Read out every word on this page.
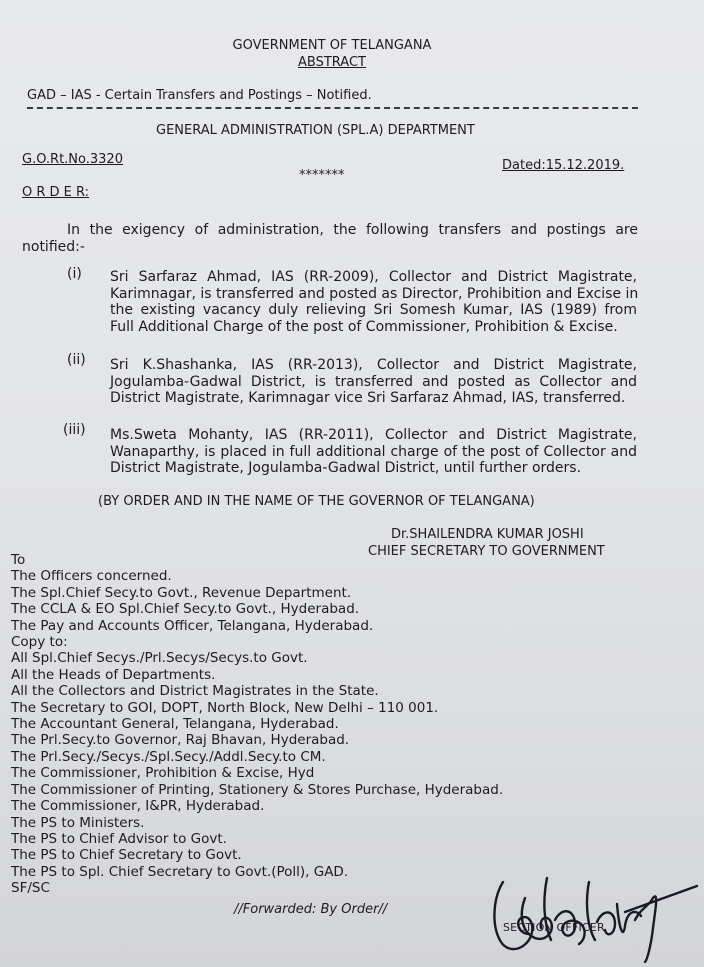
GOVERNMENT OF TELANGANA
ABSTRACT
GAD – IAS - Certain Transfers and Postings – Notified.
GENERAL ADMINISTRATION (SPL.A) DEPARTMENT
G.O.Rt.No.3320
*******
Dated:15.12.2019.
O R D E R:
In the exigency of administration, the following transfers and postings are
notified:-
(i) Sri Sarfaraz Ahmad, IAS (RR-2009), Collector and District Magistrate,
Karimnagar, is transferred and posted as Director, Prohibition and Excise in
the existing vacancy duly relieving Sri Somesh Kumar, IAS (1989) from
Full Additional Charge of the post of Commissioner, Prohibition & Excise.
(ii) Sri K.Shashanka, IAS (RR-2013), Collector and District Magistrate,
Jogulamba-Gadwal District, is transferred and posted as Collector and
District Magistrate, Karimnagar vice Sri Sarfaraz Ahmad, IAS, transferred.
(iii) Ms.Sweta Mohanty, IAS (RR-2011), Collector and District Magistrate,
Wanaparthy, is placed in full additional charge of the post of Collector and
District Magistrate, Jogulamba-Gadwal District, until further orders.
(BY ORDER AND IN THE NAME OF THE GOVERNOR OF TELANGANA)
Dr.SHAILENDRA KUMAR JOSHI
CHIEF SECRETARY TO GOVERNMENT
To
The Officers concerned.
The Spl.Chief Secy.to Govt., Revenue Department.
The CCLA & EO Spl.Chief Secy.to Govt., Hyderabad.
The Pay and Accounts Officer, Telangana, Hyderabad.
Copy to:
All Spl.Chief Secys./Prl.Secys/Secys.to Govt.
All the Heads of Departments.
All the Collectors and District Magistrates in the State.
The Secretary to GOI, DOPT, North Block, New Delhi – 110 001.
The Accountant General, Telangana, Hyderabad.
The Prl.Secy.to Governor, Raj Bhavan, Hyderabad.
The Prl.Secy./Secys./Spl.Secy./Addl.Secy.to CM.
The Commissioner, Prohibition & Excise, Hyd
The Commissioner of Printing, Stationery & Stores Purchase, Hyderabad.
The Commissioner, I&PR, Hyderabad.
The PS to Ministers.
The PS to Chief Advisor to Govt.
The PS to Chief Secretary to Govt.
The PS to Spl. Chief Secretary to Govt.(Poll), GAD.
SF/SC
//Forwarded: By Order//
SECTION OFFICER
